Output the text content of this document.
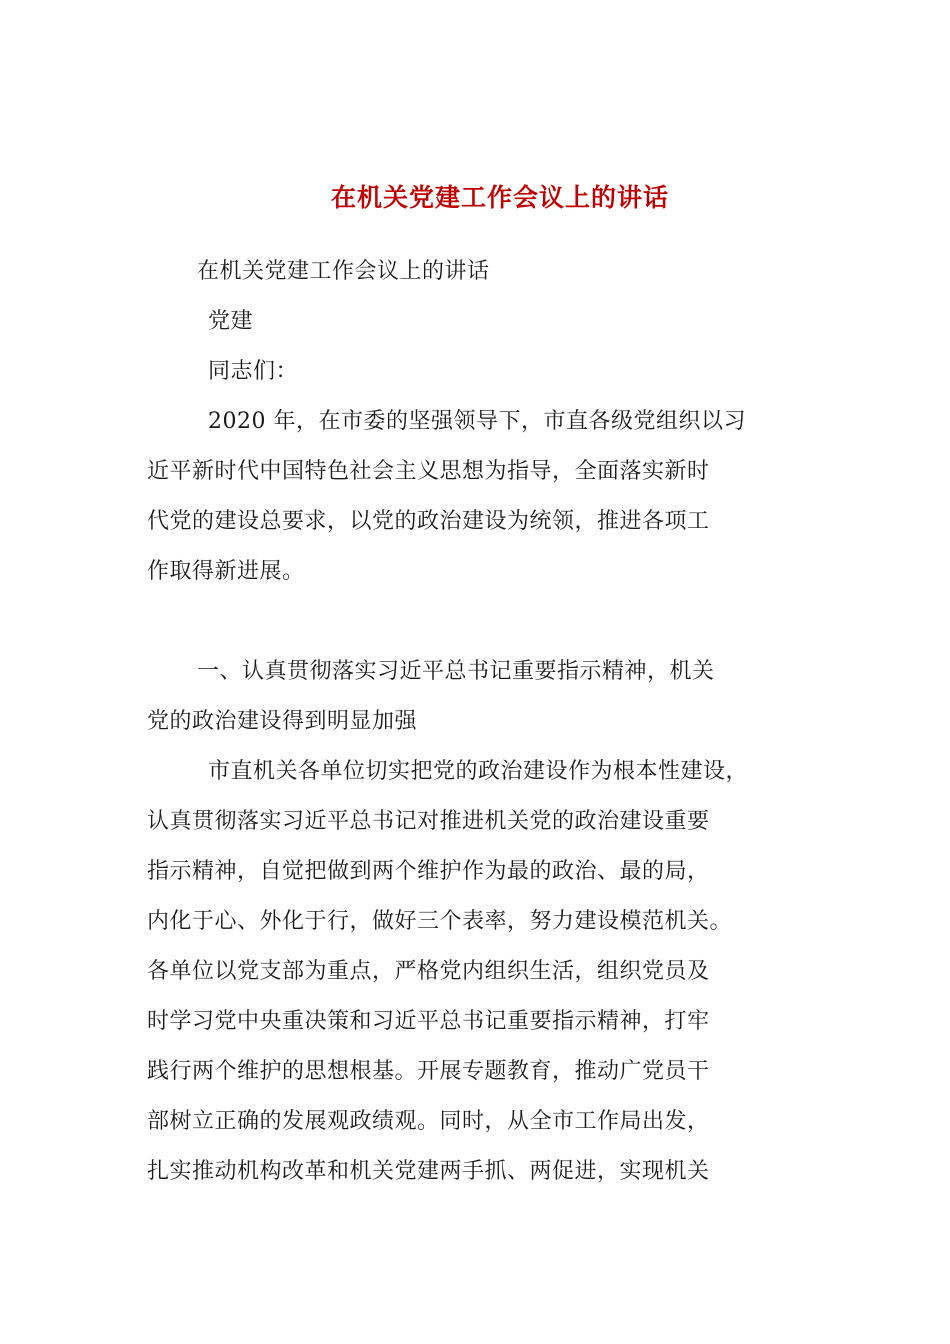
在机关党建工作会议上的讲话
在机关党建工作会议上的讲话
党建
同志们：
2020 年，在市委的坚强领导下，市直各级党组织以习
近平新时代中国特色社会主义思想为指导，全面落实新时
代党的建设总要求，以党的政治建设为统领，推进各项工
作取得新进展。
一、认真贯彻落实习近平总书记重要指示精神，机关
党的政治建设得到明显加强
市直机关各单位切实把党的政治建设作为根本性建设，
认真贯彻落实习近平总书记对推进机关党的政治建设重要
指示精神，自觉把做到两个维护作为最的政治、最的局，
内化于心、外化于行，做好三个表率，努力建设模范机关。
各单位以党支部为重点，严格党内组织生活，组织党员及
时学习党中央重决策和习近平总书记重要指示精神，打牢
践行两个维护的思想根基。开展专题教育，推动广党员干
部树立正确的发展观政绩观。同时，从全市工作局出发，
扎实推动机构改革和机关党建两手抓、两促进，实现机关
